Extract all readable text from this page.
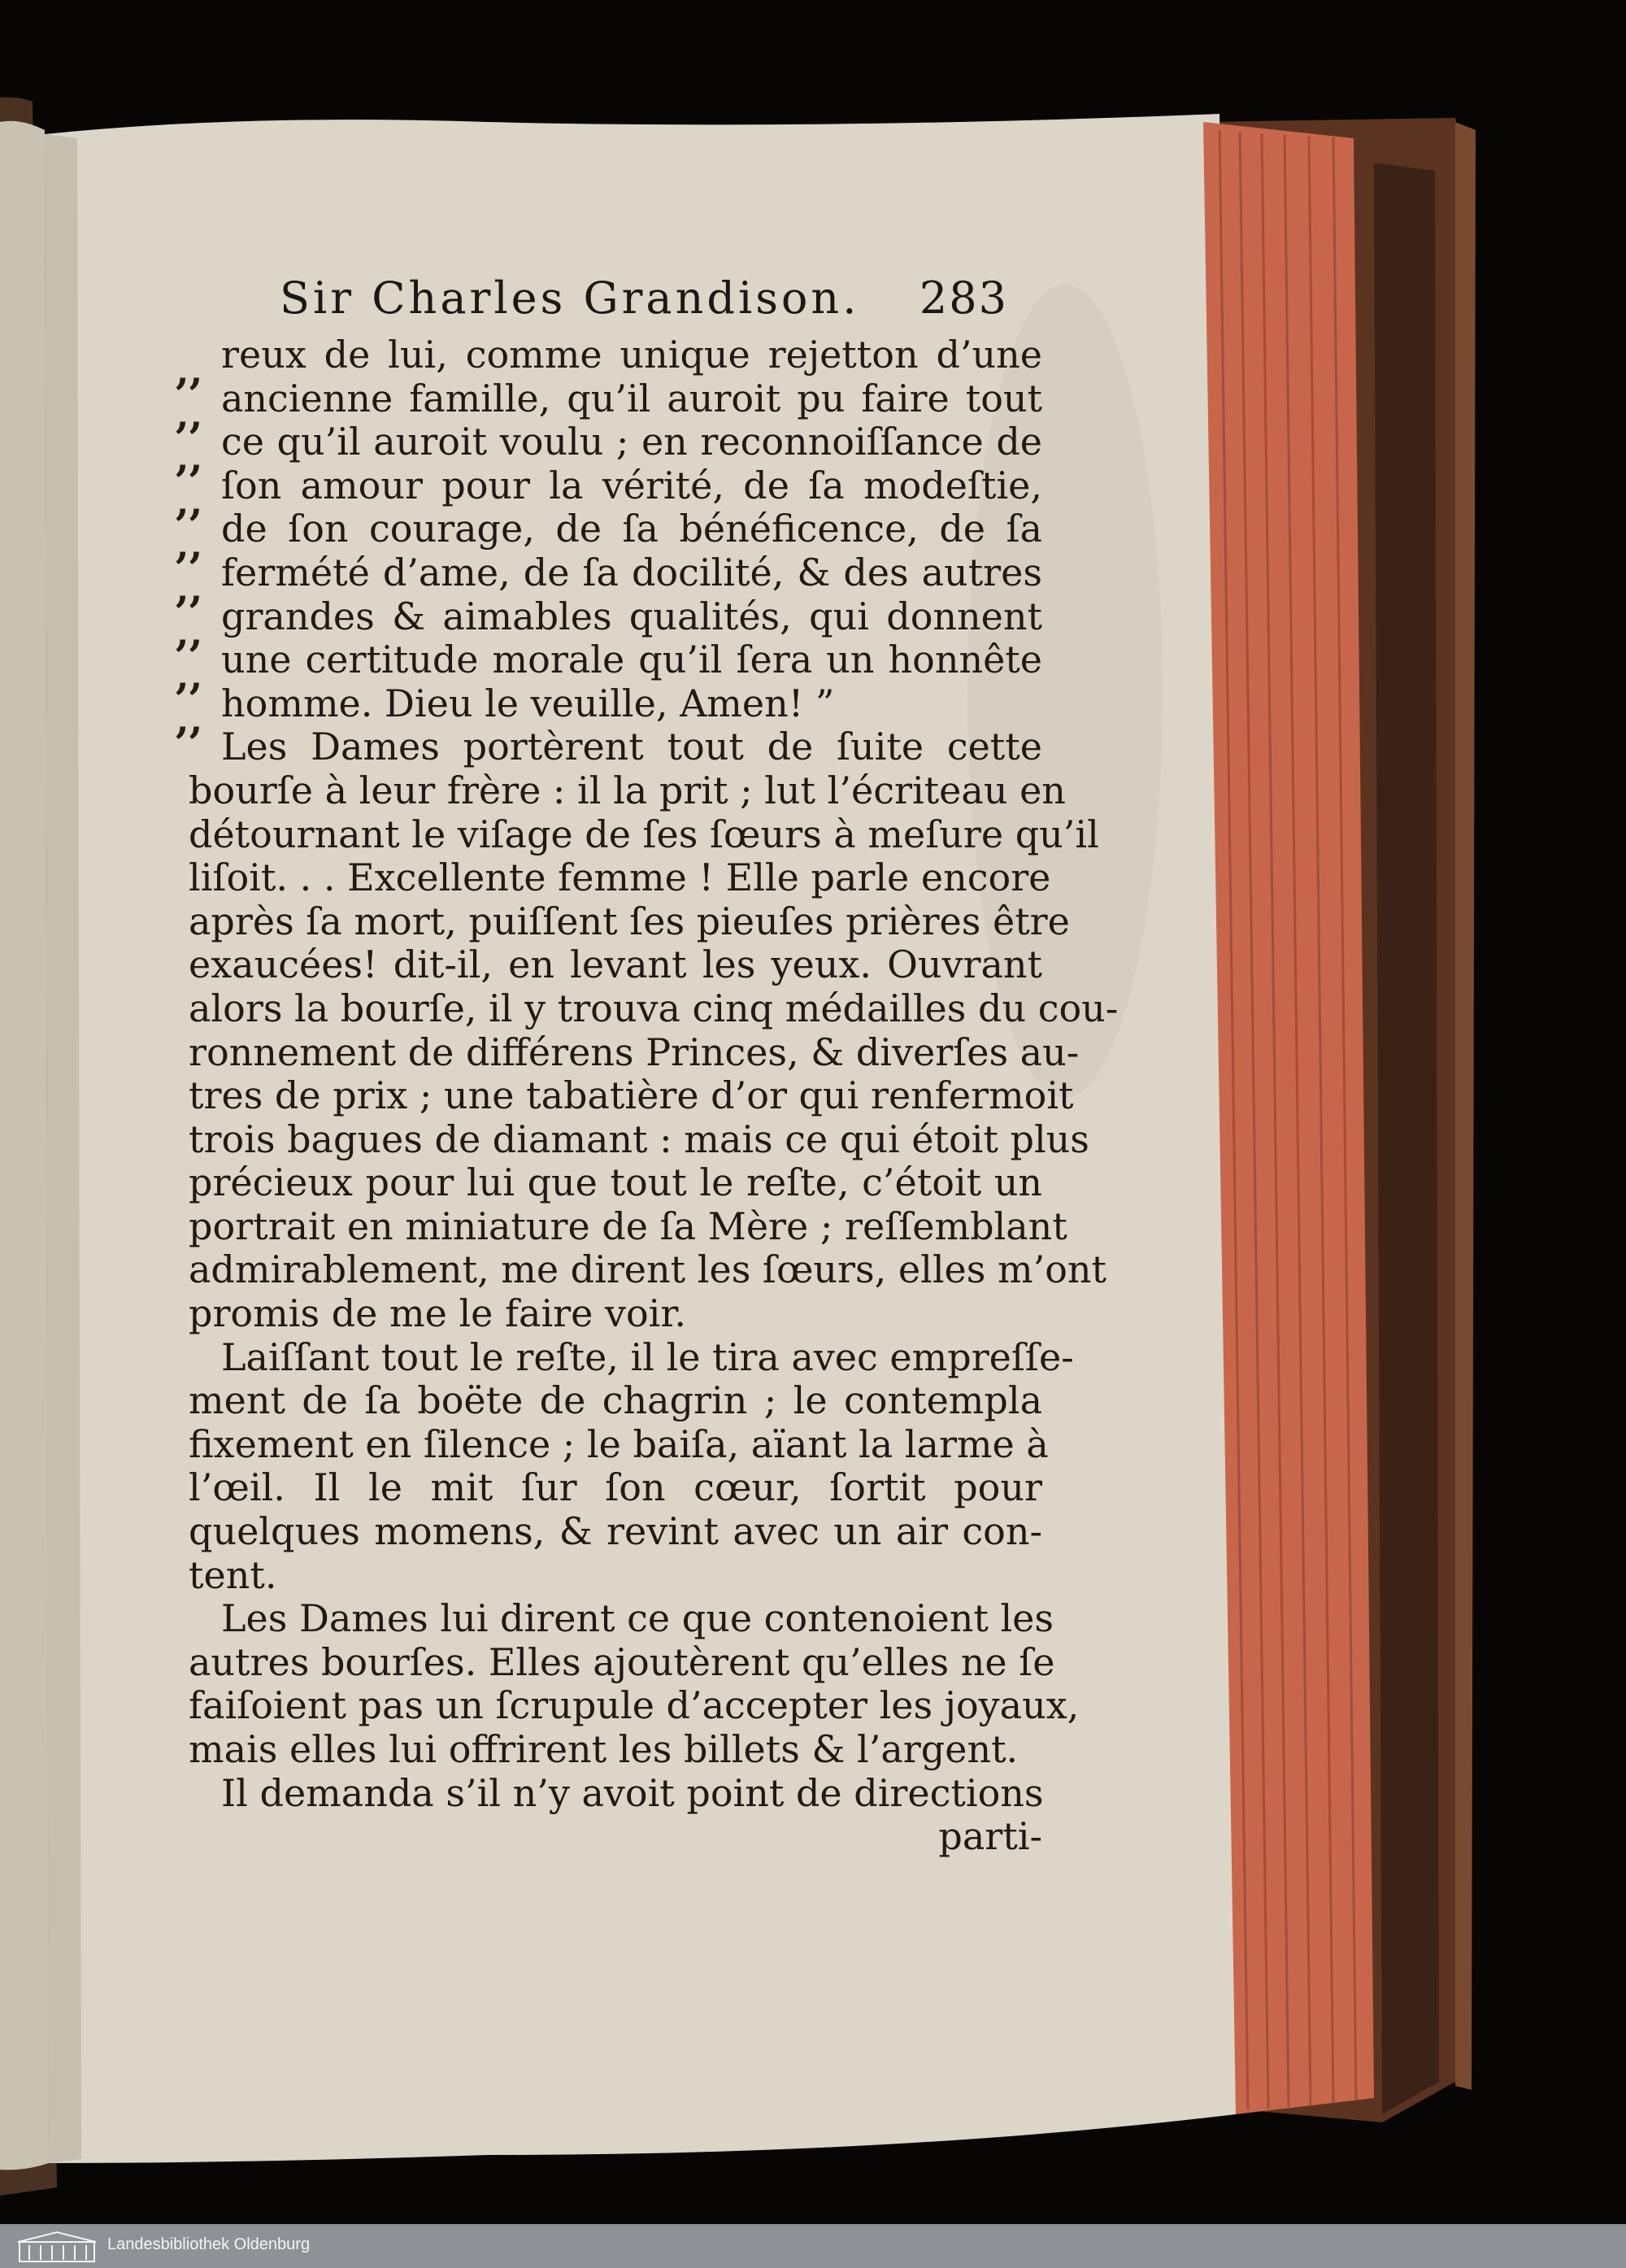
Sir Charles Grandison. 283
,,
,,
,,
,,
,,
,,
,,
,,
,,
reux de lui, comme unique rejetton d’une
ancienne famille, qu’il auroit pu faire tout
ce qu’il auroit voulu ; en reconnoiſſance de
ſon amour pour la vérité, de ſa modeſtie,
de ſon courage, de ſa bénéficence, de ſa
fermété d’ame, de ſa docilité, & des autres
grandes & aimables qualités, qui donnent
une certitude morale qu’il ſera un honnête
homme. Dieu le veuille, Amen! ”
Les Dames portèrent tout de ſuite cette
bourſe à leur frère : il la prit ; lut l’écriteau en
détournant le viſage de ſes ſœurs à meſure qu’il
liſoit. . . Excellente femme ! Elle parle encore
après ſa mort, puiſſent ſes pieuſes prières être
exaucées! dit-il, en levant les yeux. Ouvrant
alors la bourſe, il y trouva cinq médailles du cou-
ronnement de différens Princes, & diverſes au-
tres de prix ; une tabatière d’or qui renfermoit
trois bagues de diamant : mais ce qui étoit plus
précieux pour lui que tout le reſte, c’étoit un
portrait en miniature de ſa Mère ; reſſemblant
admirablement, me dirent les ſœurs, elles m’ont
promis de me le faire voir.
Laiſſant tout le reſte, il le tira avec empreſſe-
ment de ſa boëte de chagrin ; le contempla
fixement en ſilence ; le baiſa, aïant la larme à
l’œil. Il le mit ſur ſon cœur, ſortit pour
quelques momens, & revint avec un air con-
tent.
Les Dames lui dirent ce que contenoient les
autres bourſes. Elles ajoutèrent qu’elles ne ſe
faiſoient pas un ſcrupule d’accepter les joyaux,
mais elles lui offrirent les billets & l’argent.
Il demanda s’il n’y avoit point de directions
parti-
Landesbibliothek Oldenburg
